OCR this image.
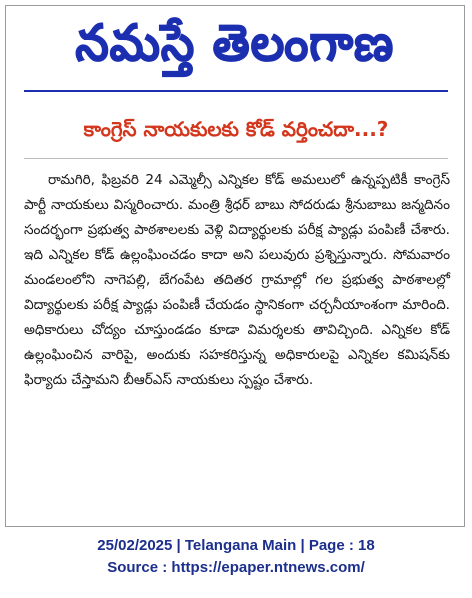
నమస్తే తెలంగాణ
కాంగ్రెస్‌ నాయకులకు కోడ్‌ వర్తించదా...?

రామగిరి, ఫిబ్రవరి 24 ఎమ్మెల్సీ ఎన్నికల కోడ్‌ అమలులో ఉన్నప్పటికీ కాంగ్రెస్‌ పార్టీ నాయకులు విస్మరించారు. మంత్రి శ్రీధర్‌ బాబు సోదరుడు శ్రీనుబాబు జన్మదినం సందర్భంగా ప్రభుత్వ పాఠశాలలకు వెళ్లి విద్యార్థులకు పరీక్ష ప్యాడ్లు పంపిణీ చేశారు. ఇది ఎన్నికల కోడ్‌ ఉల్లంఘించడం కాదా అని పలువురు ప్రశ్నిస్తున్నారు. సోమవారం మండలంలోని నాగెపల్లి, బేగంపేట తదితర గ్రామాల్లో గల ప్రభుత్వ పాఠశాలల్లో విద్యార్థులకు పరీక్ష ప్యాడ్లు పంపిణీ చేయడం స్థానికంగా చర్చనీయాంశంగా మారింది. అధికారులు చోద్యం చూస్తుండడం కూడా విమర్శలకు తావిచ్చింది. ఎన్నికల కోడ్‌ ఉల్లంఘించిన వారిపై, అందుకు సహకరిస్తున్న అధికారులపై ఎన్నికల కమిషన్‌కు ఫిర్యాదు చేస్తామని బీఆర్‌ఎస్‌ నాయకులు స్పష్టం చేశారు.

25/02/2025 | Telangana Main | Page : 18
Source : https://epaper.ntnews.com/
